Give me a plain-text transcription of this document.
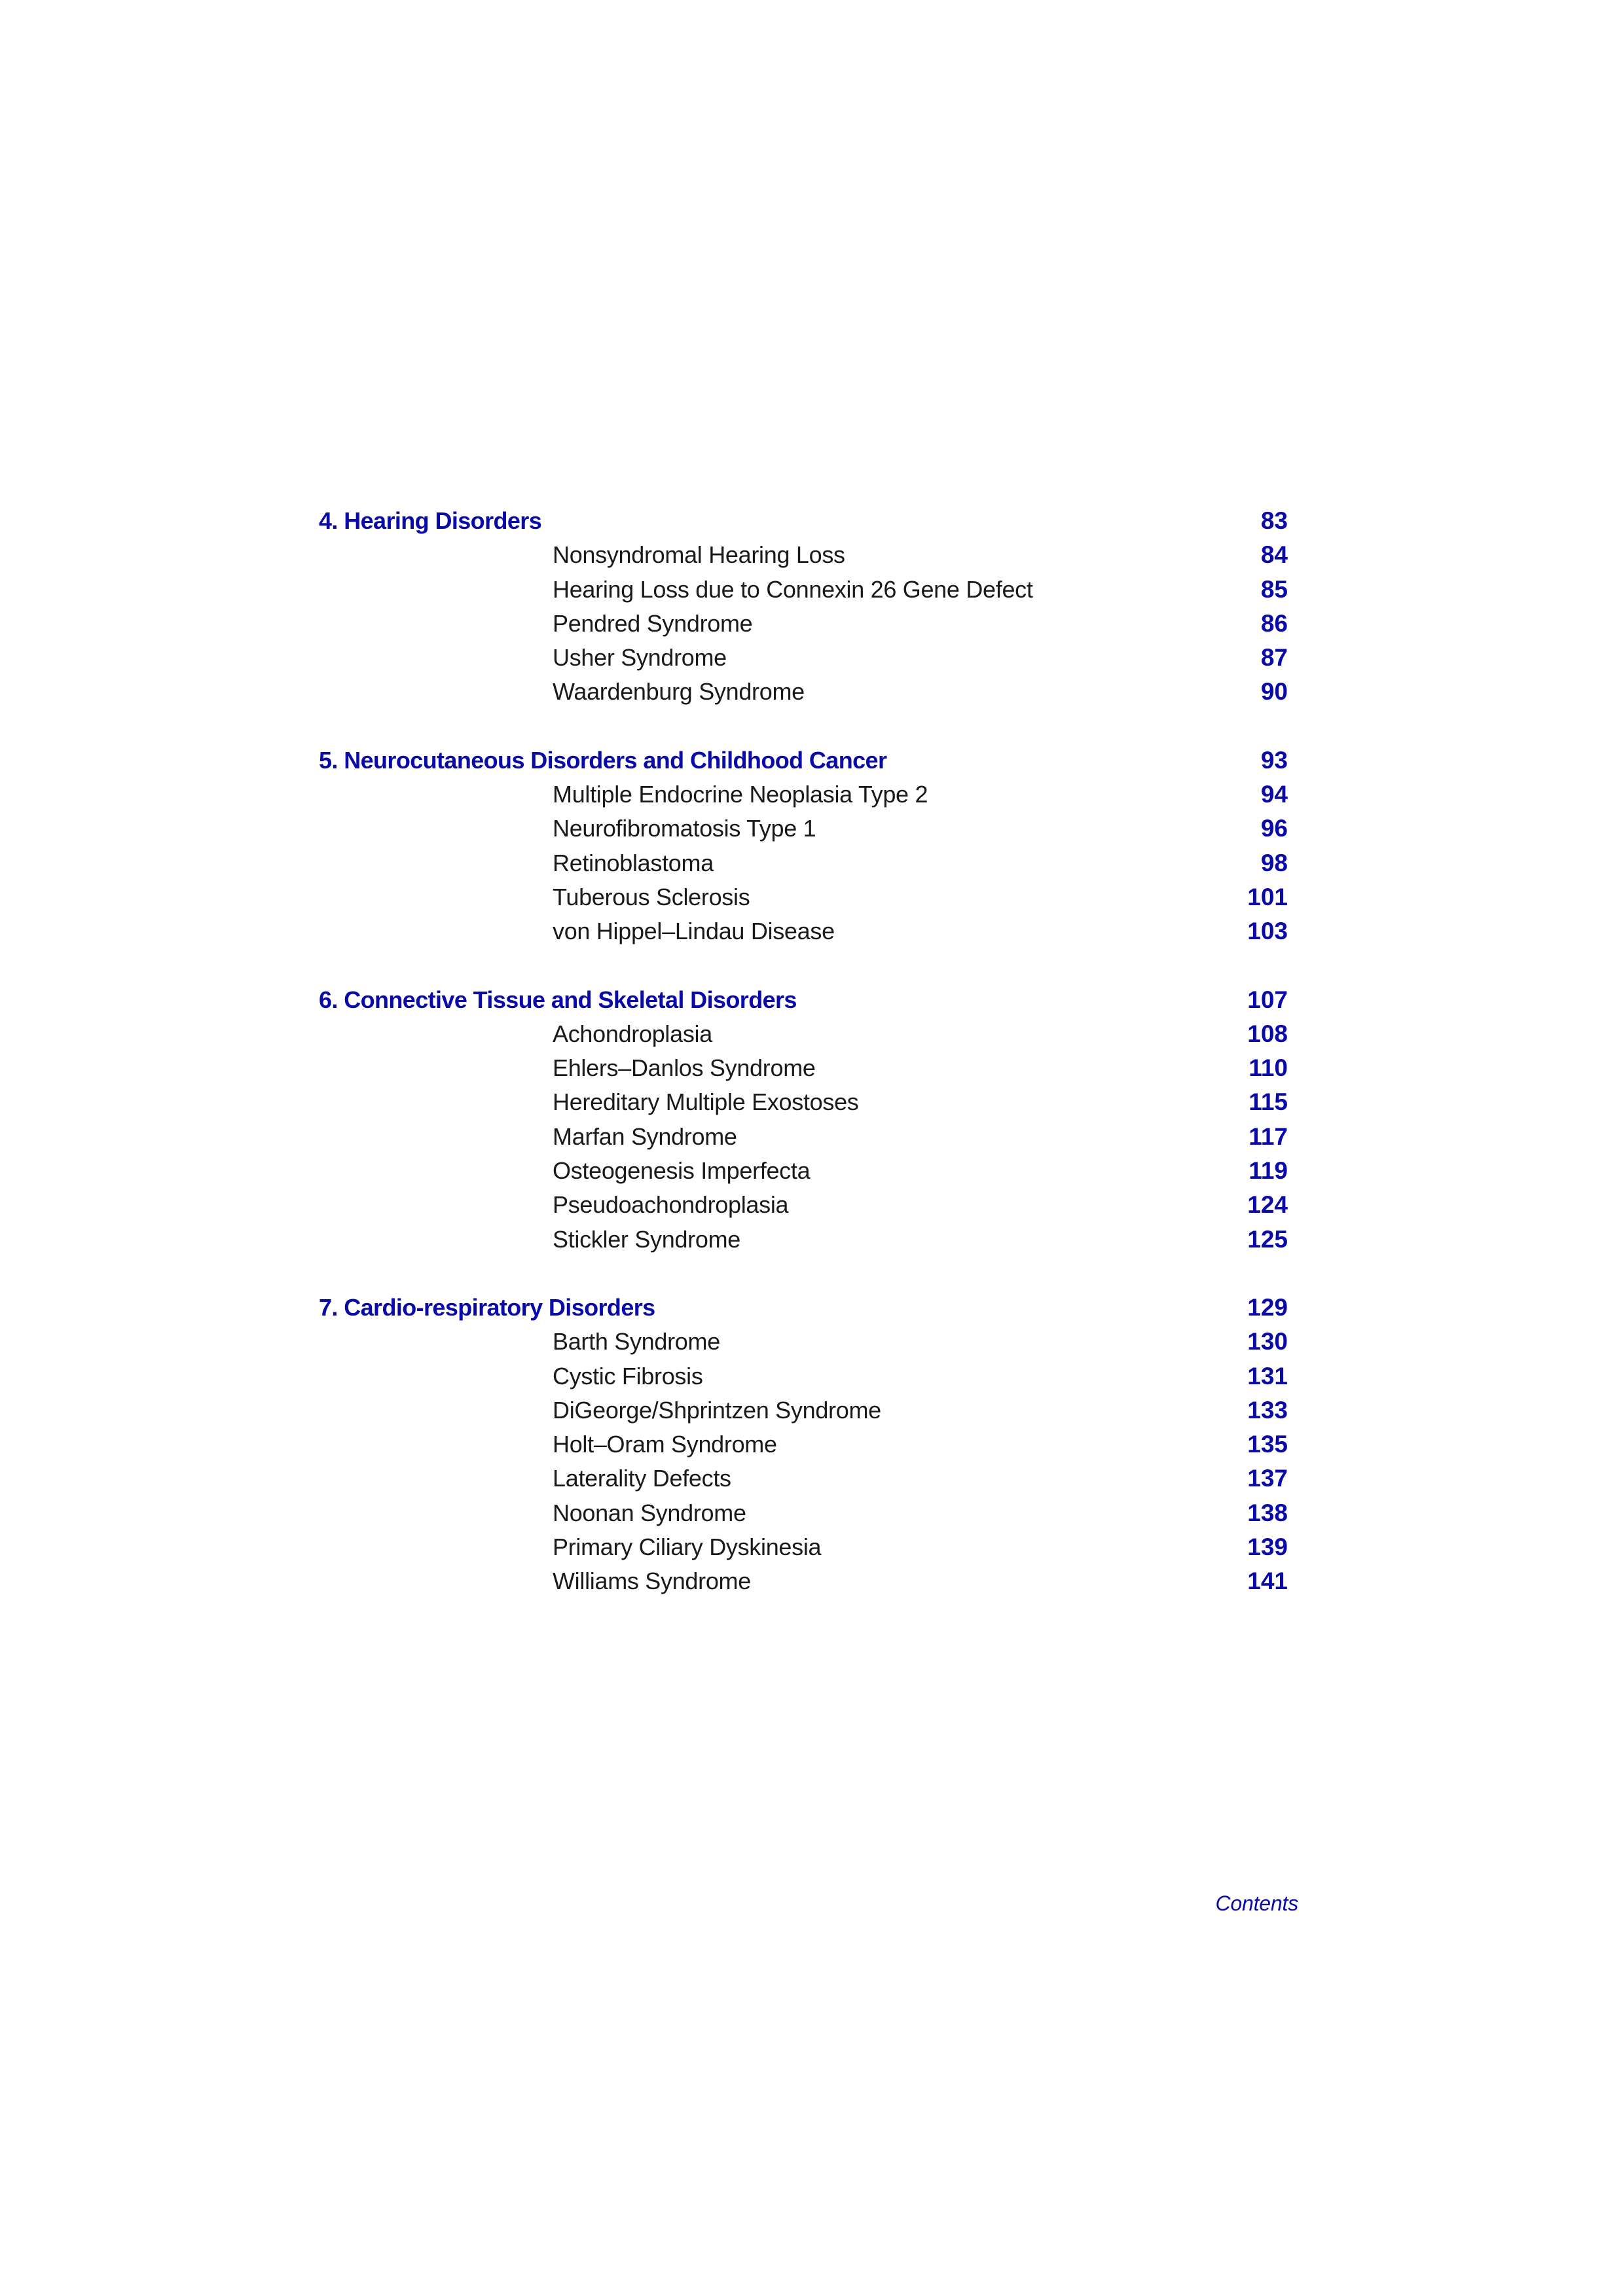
4. Hearing Disorders	83
Nonsyndromal Hearing Loss	84
Hearing Loss due to Connexin 26 Gene Defect	85
Pendred Syndrome	86
Usher Syndrome	87
Waardenburg Syndrome	90
5. Neurocutaneous Disorders and Childhood Cancer	93
Multiple Endocrine Neoplasia Type 2	94
Neurofibromatosis Type 1	96
Retinoblastoma	98
Tuberous Sclerosis	101
von Hippel–Lindau Disease	103
6. Connective Tissue and Skeletal Disorders	107
Achondroplasia	108
Ehlers–Danlos Syndrome	110
Hereditary Multiple Exostoses	115
Marfan Syndrome	117
Osteogenesis Imperfecta	119
Pseudoachondroplasia	124
Stickler Syndrome	125
7. Cardio-respiratory Disorders	129
Barth Syndrome	130
Cystic Fibrosis	131
DiGeorge/Shprintzen Syndrome	133
Holt–Oram Syndrome	135
Laterality Defects	137
Noonan Syndrome	138
Primary Ciliary Dyskinesia	139
Williams Syndrome	141
Contents
